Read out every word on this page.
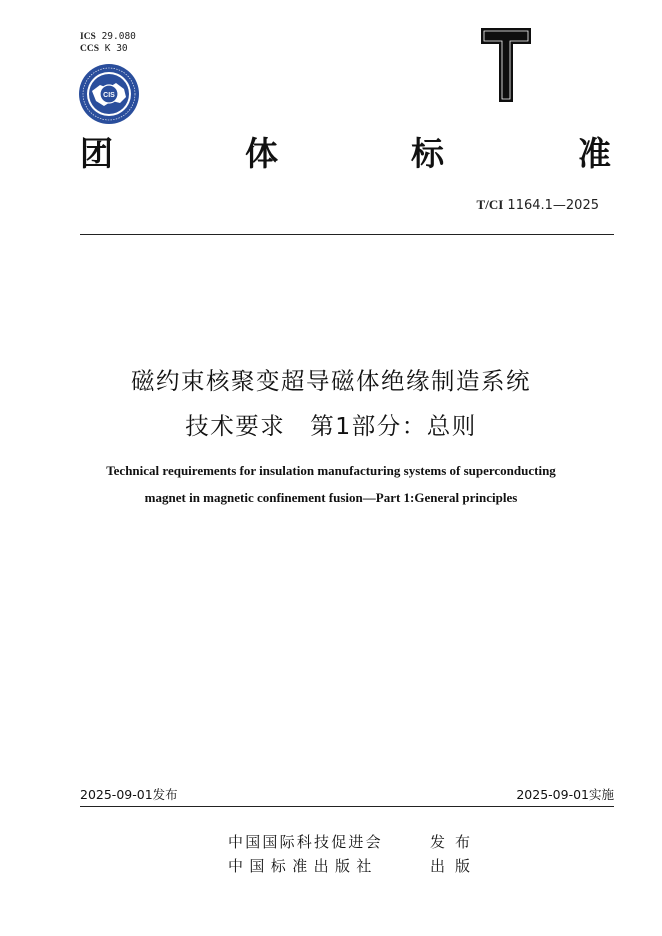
ICS 29.080
CCS K 30
CIS
T
团	体	标	准
T/CI 1164.1—2025
磁约束核聚变超导磁体绝缘制造系统
技术要求　第1部分：总则
Technical requirements for insulation manufacturing systems of superconducting
magnet in magnetic confinement fusion—Part 1:General principles
2025-09-01发布	2025-09-01实施
中国国际科技促进会	发布
中国标准出版社	出版
